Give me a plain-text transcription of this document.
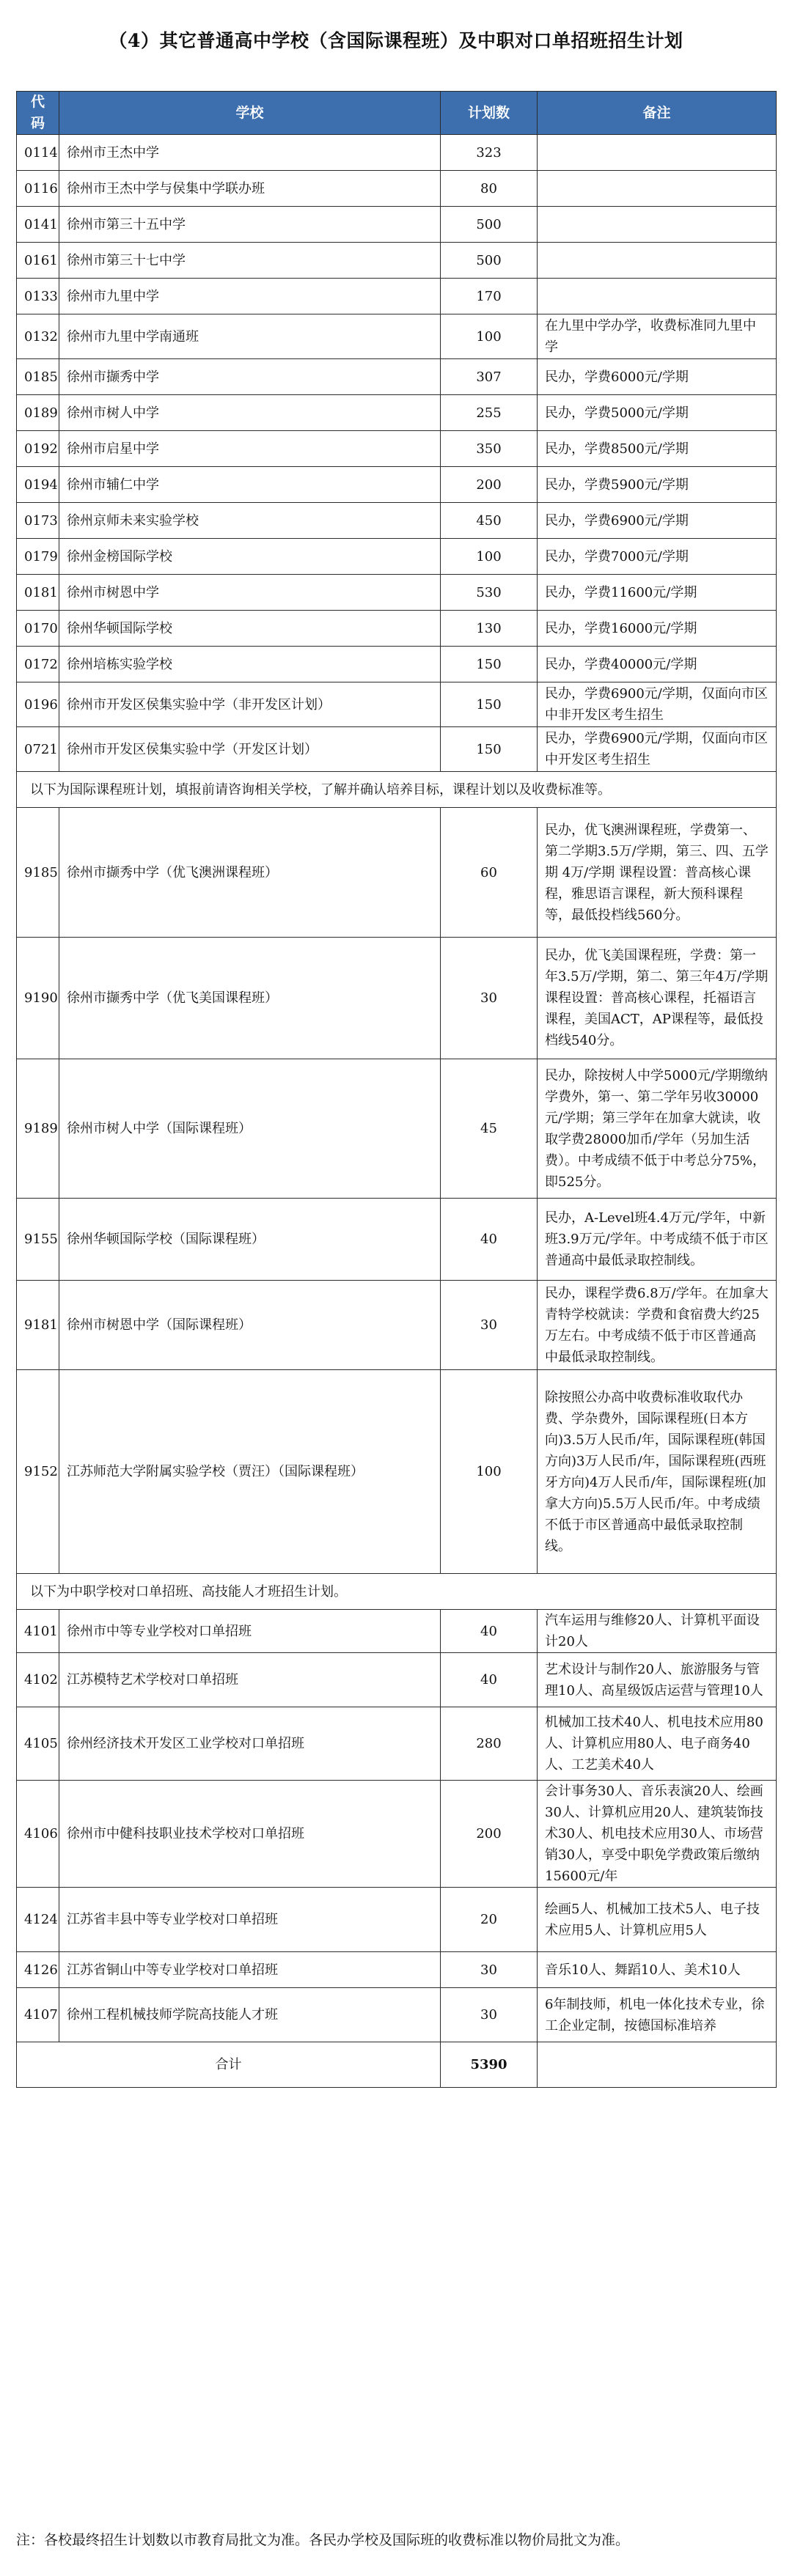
（4）其它普通高中学校（含国际课程班）及中职对口单招班招生计划
代码	学校	计划数	备注
0114	徐州市王杰中学	323	
0116	徐州市王杰中学与侯集中学联办班	80	
0141	徐州市第三十五中学	500	
0161	徐州市第三十七中学	500	
0133	徐州市九里中学	170	
0132	徐州市九里中学南通班	100	在九里中学办学，收费标准同九里中学
0185	徐州市撷秀中学	307	民办，学费6000元/学期
0189	徐州市树人中学	255	民办，学费5000元/学期
0192	徐州市启星中学	350	民办，学费8500元/学期
0194	徐州市辅仁中学	200	民办，学费5900元/学期
0173	徐州京师未来实验学校	450	民办，学费6900元/学期
0179	徐州金榜国际学校	100	民办，学费7000元/学期
0181	徐州市树恩中学	530	民办，学费11600元/学期
0170	徐州华顿国际学校	130	民办，学费16000元/学期
0172	徐州培栋实验学校	150	民办，学费40000元/学期
0196	徐州市开发区侯集实验中学（非开发区计划）	150	民办，学费6900元/学期，仅面向市区中非开发区考生招生
0721	徐州市开发区侯集实验中学（开发区计划）	150	民办，学费6900元/学期，仅面向市区中开发区考生招生
以下为国际课程班计划，填报前请咨询相关学校，了解并确认培养目标，课程计划以及收费标准等。			
9185	徐州市撷秀中学（优飞澳洲课程班）	60	民办，优飞澳洲课程班，学费第一、第二学期3.5万/学期，第三、四、五学期 4万/学期 课程设置：普高核心课程，雅思语言课程，新大预科课程等，最低投档线560分。
9190	徐州市撷秀中学（优飞美国课程班）	30	民办，优飞美国课程班，学费：第一年3.5万/学期，第二、第三年4万/学期 课程设置：普高核心课程，托福语言课程，美国ACT，AP课程等，最低投档线540分。
9189	徐州市树人中学（国际课程班）	45	民办，除按树人中学5000元/学期缴纳学费外，第一、第二学年另收30000元/学期；第三学年在加拿大就读，收取学费28000加币/学年（另加生活费）。中考成绩不低于中考总分75%，即525分。
9155	徐州华顿国际学校（国际课程班）	40	民办，A-Level班4.4万元/学年，中新班3.9万元/学年。中考成绩不低于市区普通高中最低录取控制线。
9181	徐州市树恩中学（国际课程班）	30	民办，课程学费6.8万/学年。在加拿大青特学校就读：学费和食宿费大约25万左右。中考成绩不低于市区普通高中最低录取控制线。
9152	江苏师范大学附属实验学校（贾汪）（国际课程班）	100	除按照公办高中收费标准收取代办费、学杂费外，国际课程班(日本方向)3.5万人民币/年，国际课程班(韩国方向)3万人民币/年，国际课程班(西班牙方向)4万人民币/年，国际课程班(加拿大方向)5.5万人民币/年。中考成绩不低于市区普通高中最低录取控制线。
以下为中职学校对口单招班、高技能人才班招生计划。			
4101	徐州市中等专业学校对口单招班	40	汽车运用与维修20人、计算机平面设计20人
4102	江苏模特艺术学校对口单招班	40	艺术设计与制作20人、旅游服务与管理10人、高星级饭店运营与管理10人
4105	徐州经济技术开发区工业学校对口单招班	280	机械加工技术40人、机电技术应用80人、计算机应用80人、电子商务40人、工艺美术40人
4106	徐州市中健科技职业技术学校对口单招班	200	会计事务30人、音乐表演20人、绘画30人、计算机应用20人、建筑装饰技术30人、机电技术应用30人、市场营销30人，享受中职免学费政策后缴纳15600元/年
4124	江苏省丰县中等专业学校对口单招班	20	绘画5人、机械加工技术5人、电子技术应用5人、计算机应用5人
4126	江苏省铜山中等专业学校对口单招班	30	音乐10人、舞蹈10人、美术10人
4107	徐州工程机械技师学院高技能人才班	30	6年制技师，机电一体化技术专业，徐工企业定制，按德国标准培养
合计		5390	
注：各校最终招生计划数以市教育局批文为准。各民办学校及国际班的收费标准以物价局批文为准。
